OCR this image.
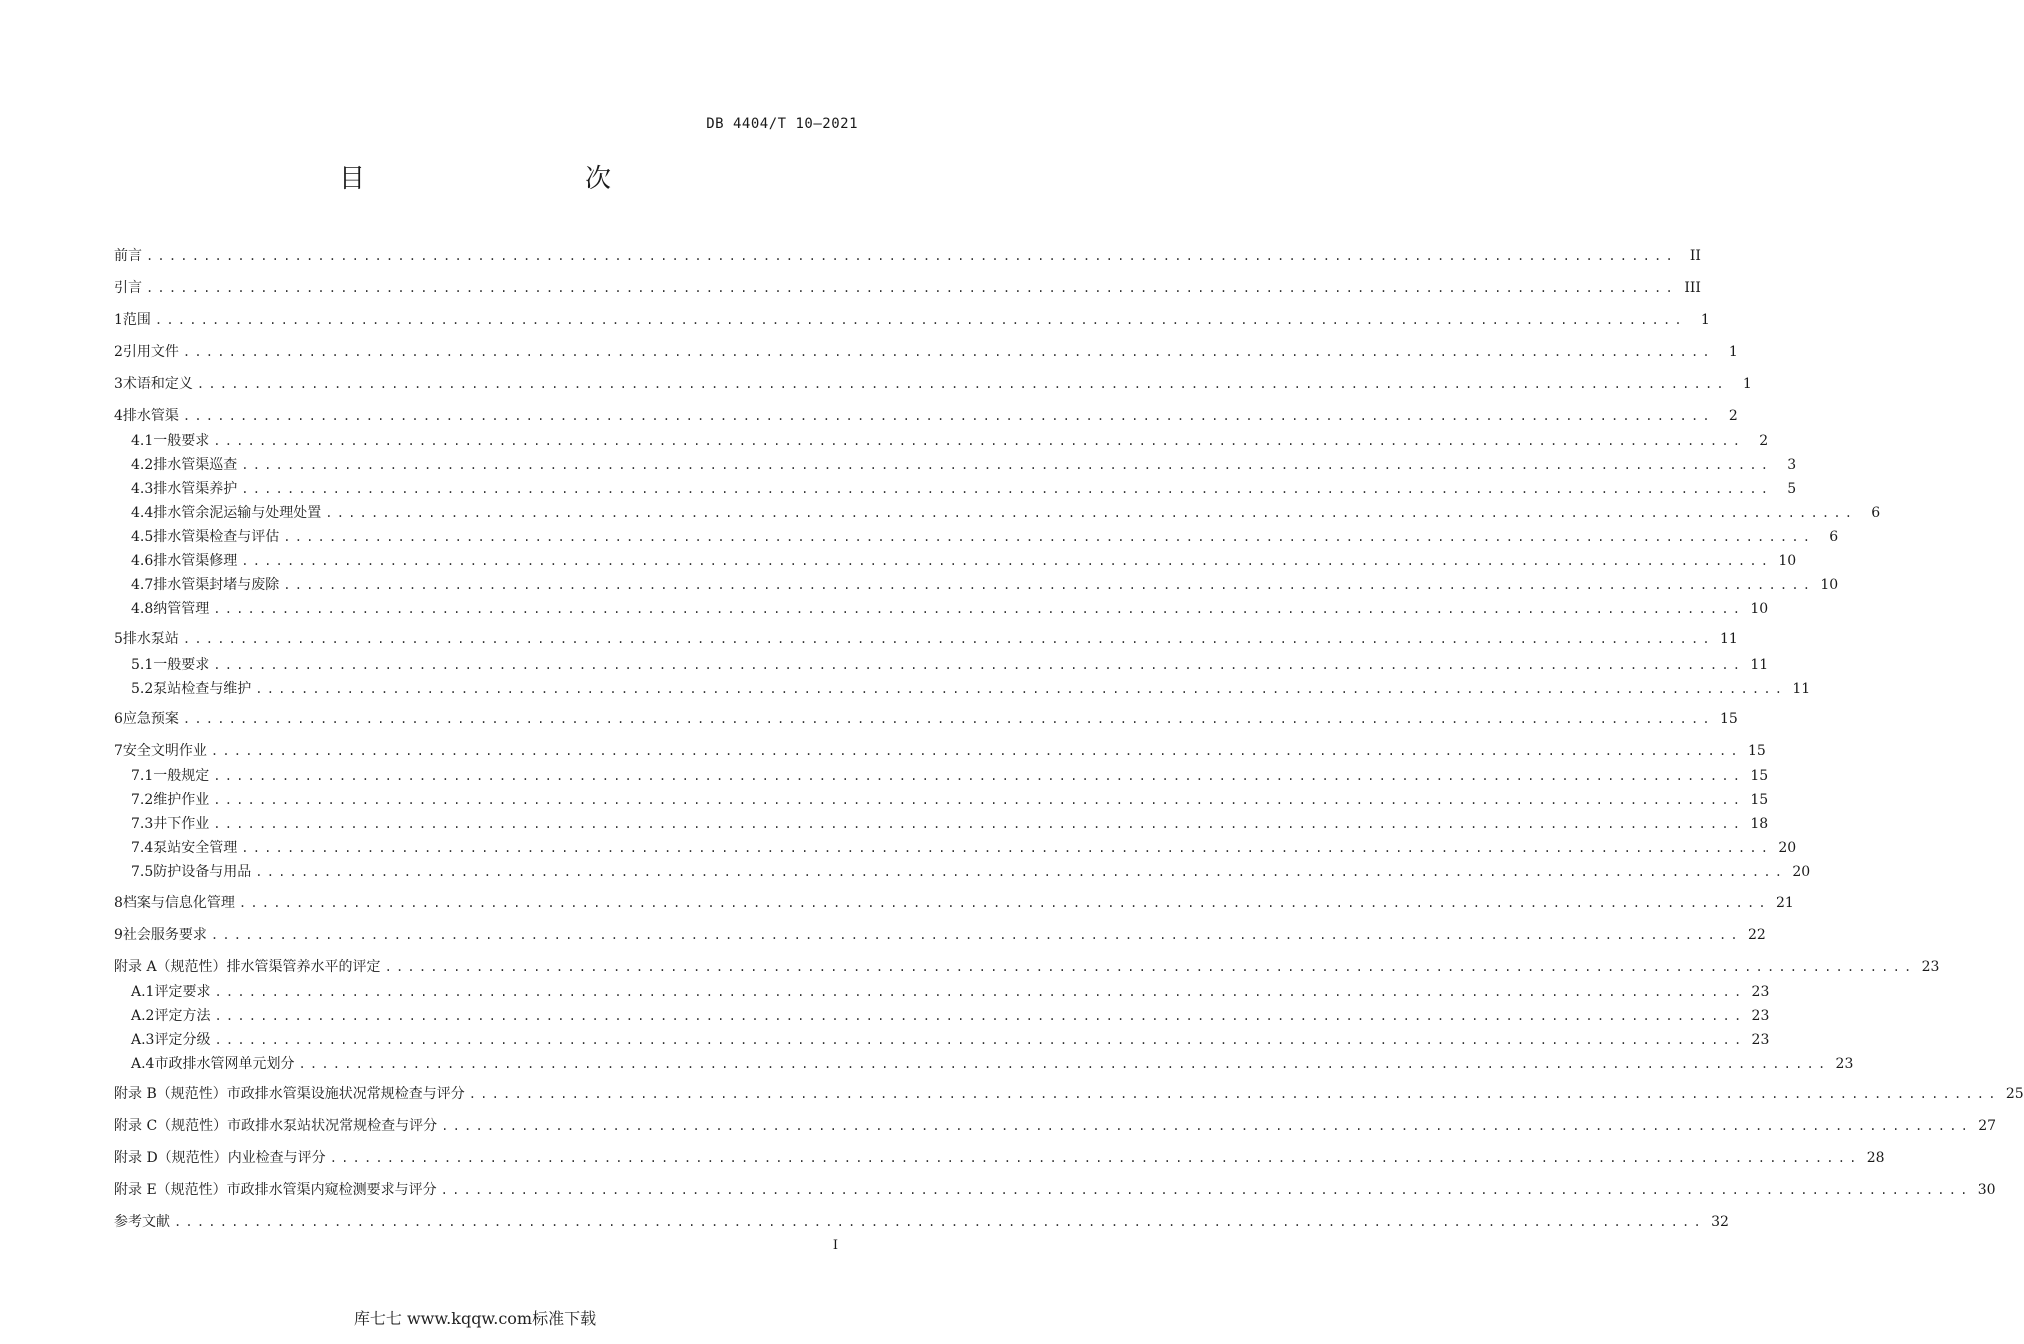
DB 4404/T 10—2021
目　　次
前言 ...................................................................................................................................... II
引言 ...................................................................................................................................... III
1 范围 ......................................................................................................................................	1
2 引用文件 ......................................................................................................................................	1
3 术语和定义 ......................................................................................................................................	1
4 排水管渠 ......................................................................................................................................	2
4.1 一般要求 ......................................................................................................................................	2
4.2 排水管渠巡查 ......................................................................................................................................	3
4.3 排水管渠养护 ......................................................................................................................................	5
4.4 排水管余泥运输与处理处置 ......................................................................................................................................	6
4.5 排水管渠检查与评估 ......................................................................................................................................	6
4.6 排水管渠修理 ...................................................................................................................................... 10
4.7 排水管渠封堵与废除 ...................................................................................................................................... 10
4.8 纳管管理 ...................................................................................................................................... 10
5 排水泵站 ...................................................................................................................................... 11
5.1 一般要求 ...................................................................................................................................... 11
5.2 泵站检查与维护 ...................................................................................................................................... 11
6 应急预案 ...................................................................................................................................... 15
7 安全文明作业 ...................................................................................................................................... 15
7.1 一般规定 ...................................................................................................................................... 15
7.2 维护作业 ...................................................................................................................................... 15
7.3 井下作业 ...................................................................................................................................... 18
7.4 泵站安全管理 ...................................................................................................................................... 20
7.5 防护设备与用品 ...................................................................................................................................... 20
8 档案与信息化管理 ...................................................................................................................................... 21
9 社会服务要求 ...................................................................................................................................... 22
附录 A（规范性） 排水管渠管养水平的评定 ...................................................................................................................................... 23
A.1 评定要求 ...................................................................................................................................... 23
A.2 评定方法 ...................................................................................................................................... 23
A.3 评定分级 ...................................................................................................................................... 23
A.4 市政排水管网单元划分 ...................................................................................................................................... 23
附录 B（规范性） 市政排水管渠设施状况常规检查与评分 ...................................................................................................................................... 25
附录 C（规范性） 市政排水泵站状况常规检查与评分 ...................................................................................................................................... 27
附录 D（规范性） 内业检查与评分 ...................................................................................................................................... 28
附录 E（规范性） 市政排水管渠内窥检测要求与评分 ...................................................................................................................................... 30
参考文献 ...................................................................................................................................... 32
I
库七七 www.kqqw.com标准下载
